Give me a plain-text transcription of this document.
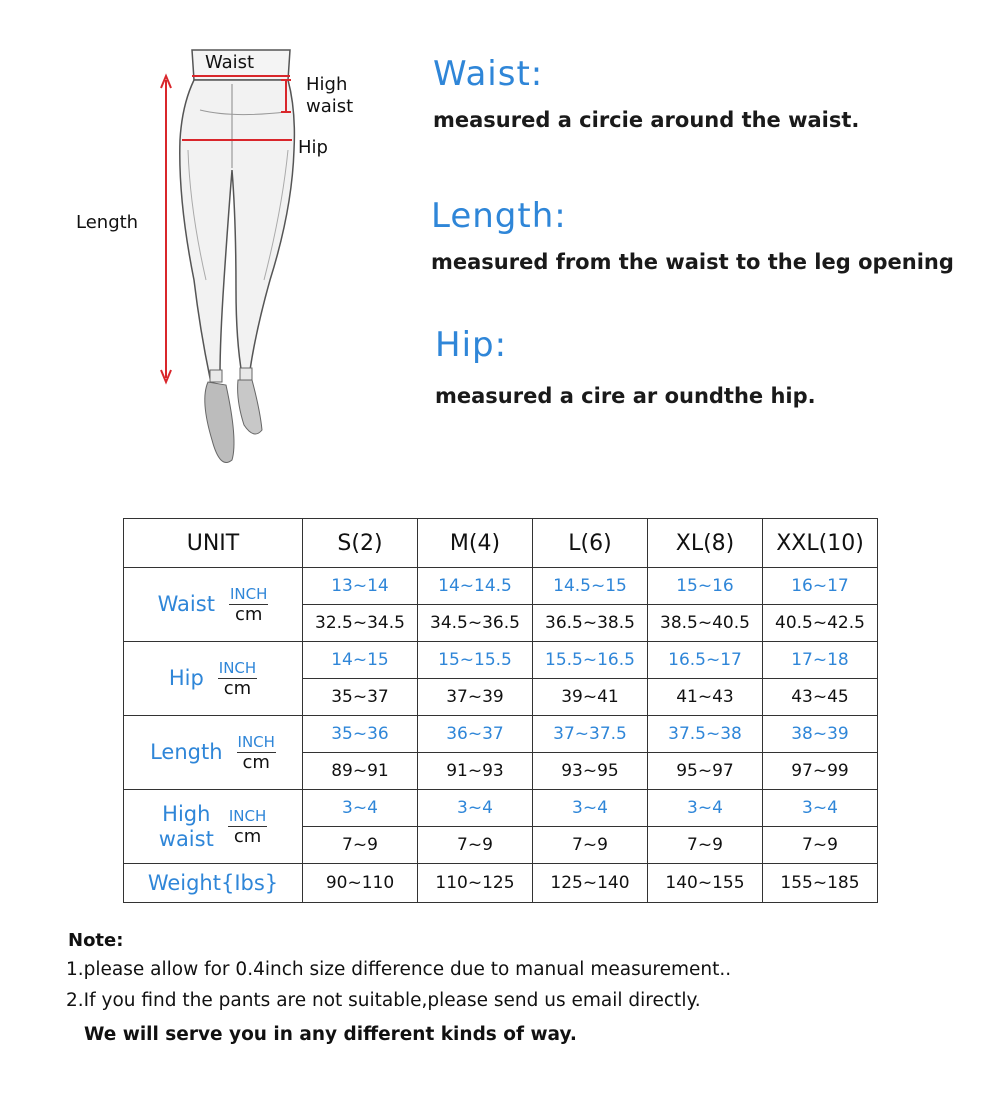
Waist
High
waist
Hip
Length
Waist:
measured a circie around the waist.
Length:
measured from the waist to the leg opening
Hip:
measured a cire ar oundthe hip.
UNIT	S(2)	M(4)	L(6)	XL(8)	XXL(10)

Waist $\frac{\text{INCH}}{cm}$	13~14	14~14.5	14.5~15	15~16	16~17
	32.5~34.5	34.5~36.5	36.5~38.5	38.5~40.5	40.5~42.5

Hip $\frac{\text{INCH}}{cm}$	14~15	15~15.5	15.5~16.5	16.5~17	17~18
	35~37	37~39	39~41	41~43	43~45

Length $\frac{\text{INCH}}{cm}$	35~36	36~37	37~37.5	37.5~38	38~39
	89~91	91~93	93~95	95~97	97~99

High
waist $\frac{\text{INCH}}{cm}$	3~4	3~4	3~4	3~4	3~4
	7~9	7~9	7~9	7~9	7~9
Weight{Ibs}	90~110	110~125	125~140	140~155	155~185
Note:
1.please allow for 0.4inch size difference due to manual measurement..
2.If you find the pants are not suitable,please send us email directly.
We will serve you in any different kinds of way.
